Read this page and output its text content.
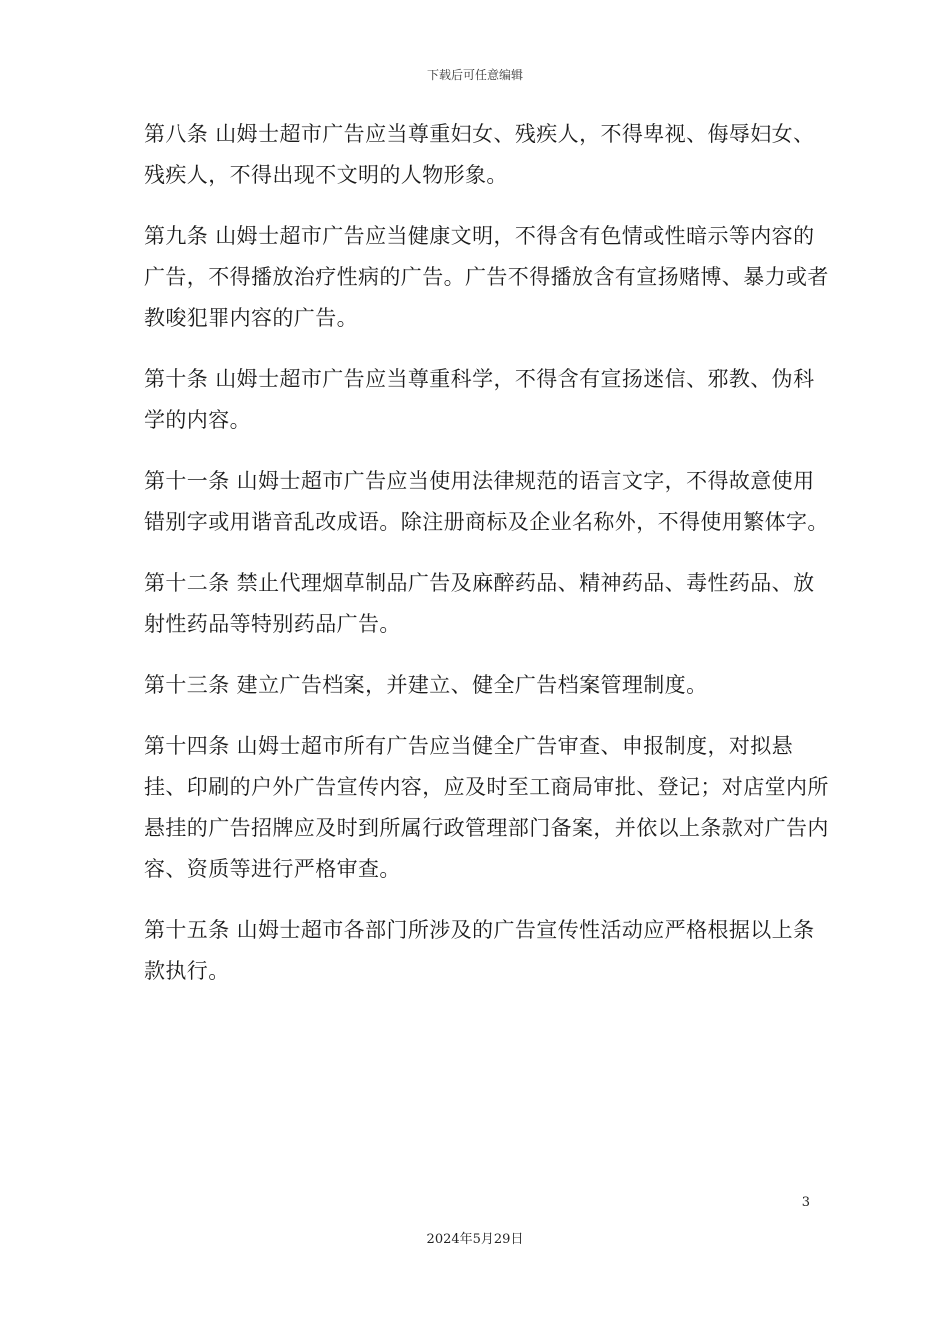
下载后可任意编辑

第八条 山姆士超市广告应当尊重妇女、残疾人，不得卑视、侮辱妇女、残疾人，不得出现不文明的人物形象。

第九条 山姆士超市广告应当健康文明，不得含有色情或性暗示等内容的广告，不得播放治疗性病的广告。广告不得播放含有宣扬赌博、暴力或者教唆犯罪内容的广告。

第十条 山姆士超市广告应当尊重科学，不得含有宣扬迷信、邪教、伪科学的内容。

第十一条 山姆士超市广告应当使用法律规范的语言文字，不得故意使用错别字或用谐音乱改成语。除注册商标及企业名称外，不得使用繁体字。

第十二条 禁止代理烟草制品广告及麻醉药品、精神药品、毒性药品、放射性药品等特别药品广告。

第十三条 建立广告档案，并建立、健全广告档案管理制度。

第十四条 山姆士超市所有广告应当健全广告审查、申报制度，对拟悬挂、印刷的户外广告宣传内容，应及时至工商局审批、登记；对店堂内所悬挂的广告招牌应及时到所属行政管理部门备案，并依以上条款对广告内容、资质等进行严格审查。

第十五条 山姆士超市各部门所涉及的广告宣传性活动应严格根据以上条款执行。

3
2024年5月29日
